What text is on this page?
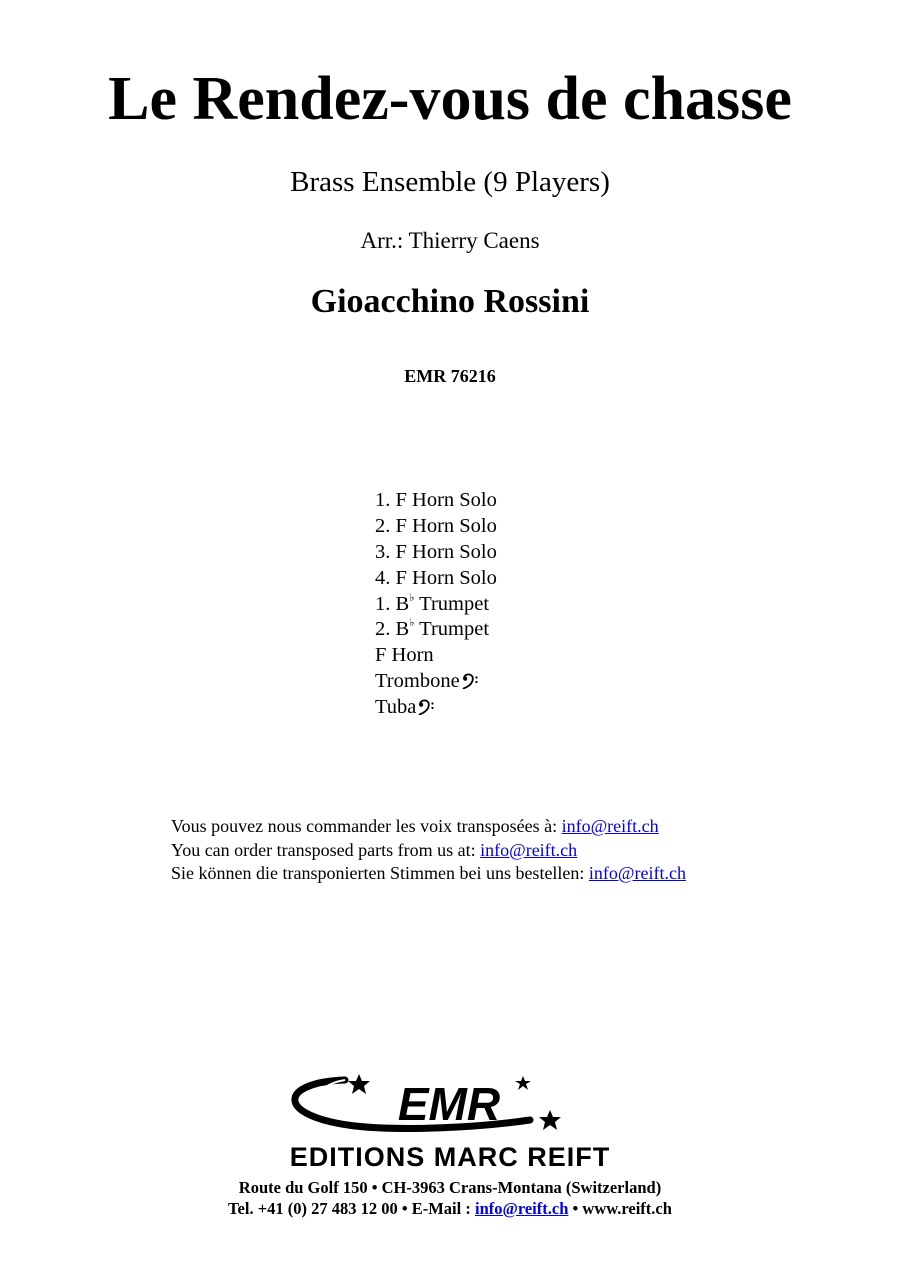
Le Rendez-vous de chasse
Brass Ensemble (9 Players)
Arr.: Thierry Caens
Gioacchino Rossini
EMR 76216
1. F Horn Solo
2. F Horn Solo
3. F Horn Solo
4. F Horn Solo
1. B♭ Trumpet
2. B♭ Trumpet
F Horn
Trombone
Tuba
Vous pouvez nous commander les voix transposées à: info@reift.ch
You can order transposed parts from us at: info@reift.ch
Sie können die transponierten Stimmen bei uns bestellen: info@reift.ch
EMR
EDITIONS MARC REIFT
Route du Golf 150 • CH-3963 Crans-Montana (Switzerland)
Tel. +41 (0) 27 483 12 00 • E-Mail : info@reift.ch • www.reift.ch
